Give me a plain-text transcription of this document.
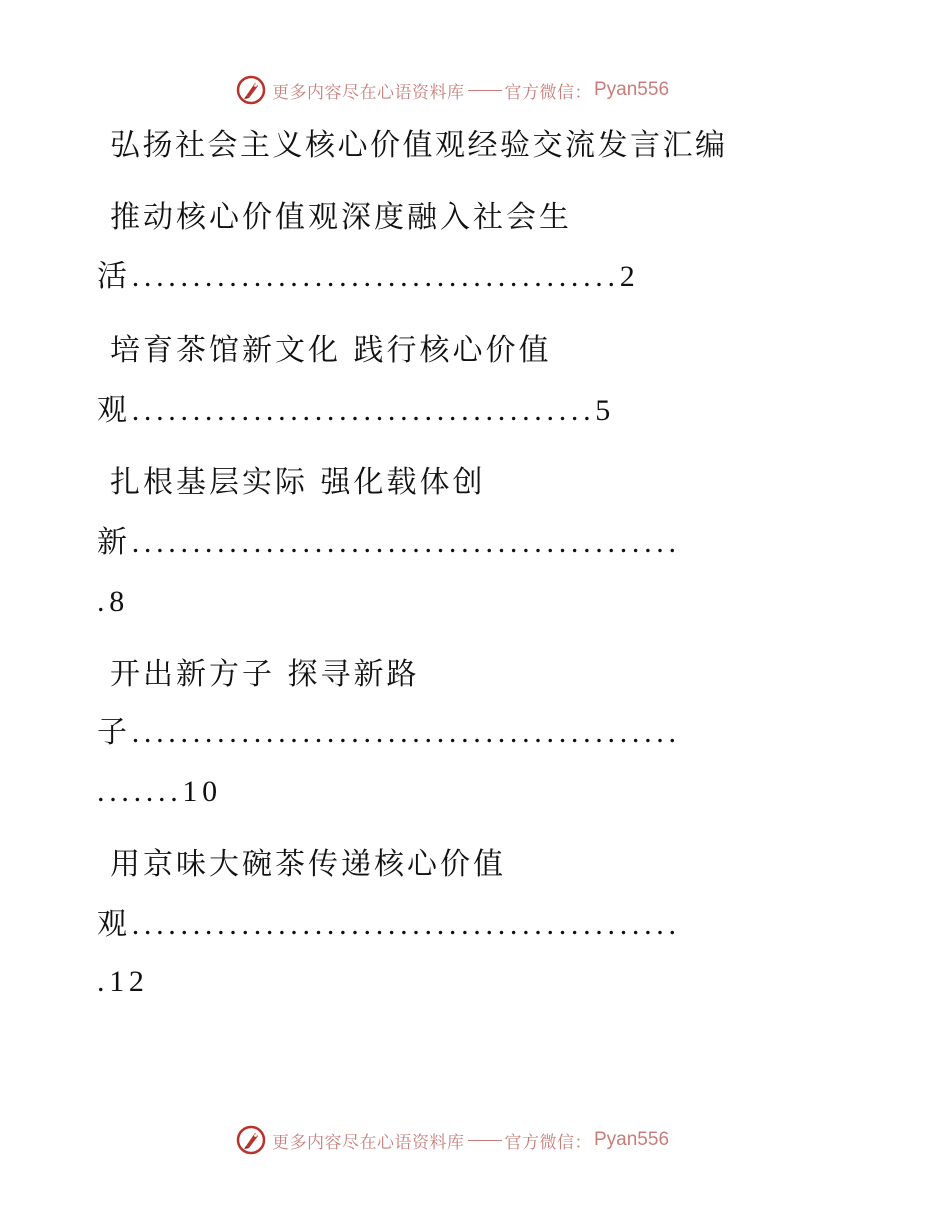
更多内容尽在心语资料库 官方微信： Pyan556
弘扬社会主义核心价值观经验交流发言汇编
推动核心价值观深度融入社会生
活........................................2
培育茶馆新文化 践行核心价值
观......................................5
扎根基层实际 强化载体创
新.............................................
.8
开出新方子 探寻新路
子.............................................
.......10
用京味大碗茶传递核心价值
观.............................................
.12
更多内容尽在心语资料库 官方微信： Pyan556
